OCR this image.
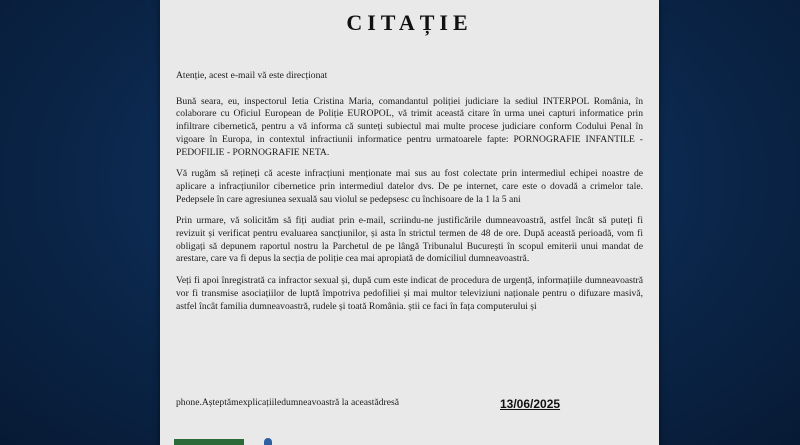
CITAȚIE

Atenție, acest e-mail vă este direcționat

Bună seara, eu, inspectorul Ietia Cristina Maria, comandantul poliției judiciare la sediul INTERPOL România, în colaborare cu Oficiul European de Poliție EUROPOL, vă trimit această citare în urma unei capturi informatice prin infiltrare cibernetică, pentru a vă informa că sunteți subiectul mai multe procese judiciare conform Codului Penal în vigoare în Europa, in contextul infractiunii informatice pentru urmatoarele fapte: PORNOGRAFIE INFANTILE - PEDOFILIE - PORNOGRAFIE NETA.

Vă rugăm să rețineți că aceste infracțiuni menționate mai sus au fost colectate prin intermediul echipei noastre de aplicare a infracțiunilor cibernetice prin intermediul datelor dvs. De pe internet, care este o dovadă a crimelor tale. Pedepsele în care agresiunea sexuală sau violul se pedepsesc cu închisoare de la 1 la 5 ani

Prin urmare, vă solicităm să fiți audiat prin e-mail, scriindu-ne justificările dumneavoastră, astfel încât să puteți fi revizuit și verificat pentru evaluarea sancțiunilor, și asta în strictul termen de 48 de ore. După această perioadă, vom fi obligați să depunem raportul nostru la Parchetul de pe lângă Tribunalul București în scopul emiterii unui mandat de arestare, care va fi depus la secția de poliție cea mai apropiată de domiciliul dumneavoastră.

Veți fi apoi înregistrată ca infractor sexual și, după cum este indicat de procedura de urgență, informațiile dumneavoastră vor fi transmise asociațiilor de luptă împotriva pedofiliei și mai multor televiziuni naționale pentru o difuzare masivă, astfel încât familia dumneavoastră, rudele și toată România. știi ce faci în fața computerului și

phone.Așteptămexplicațiiledumneavoastră la aceastădresă	13/06/2025
